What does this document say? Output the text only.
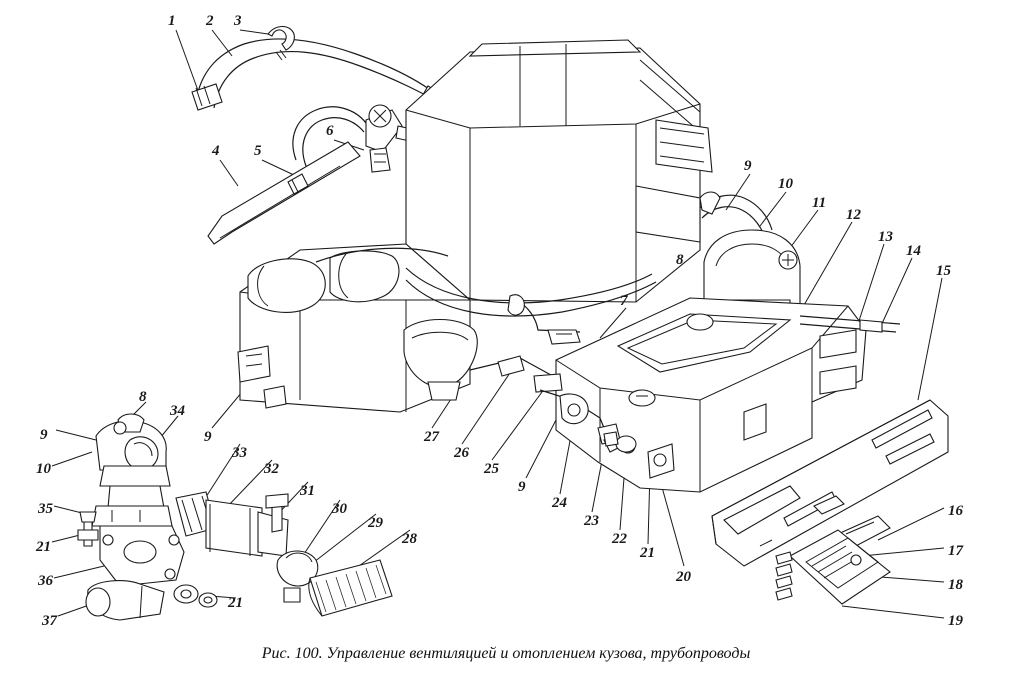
1 2 3
6
4 5
9
10
11
12
13
14
15
8
7
8
34
9	9
33
10	32
27
26
25
24
23
22
21
20
9
31
30
29
28
35
21
36
37
21
16
17
18
19
Рис. 100. Управление вентиляцией и отоплением кузова, трубопроводы
